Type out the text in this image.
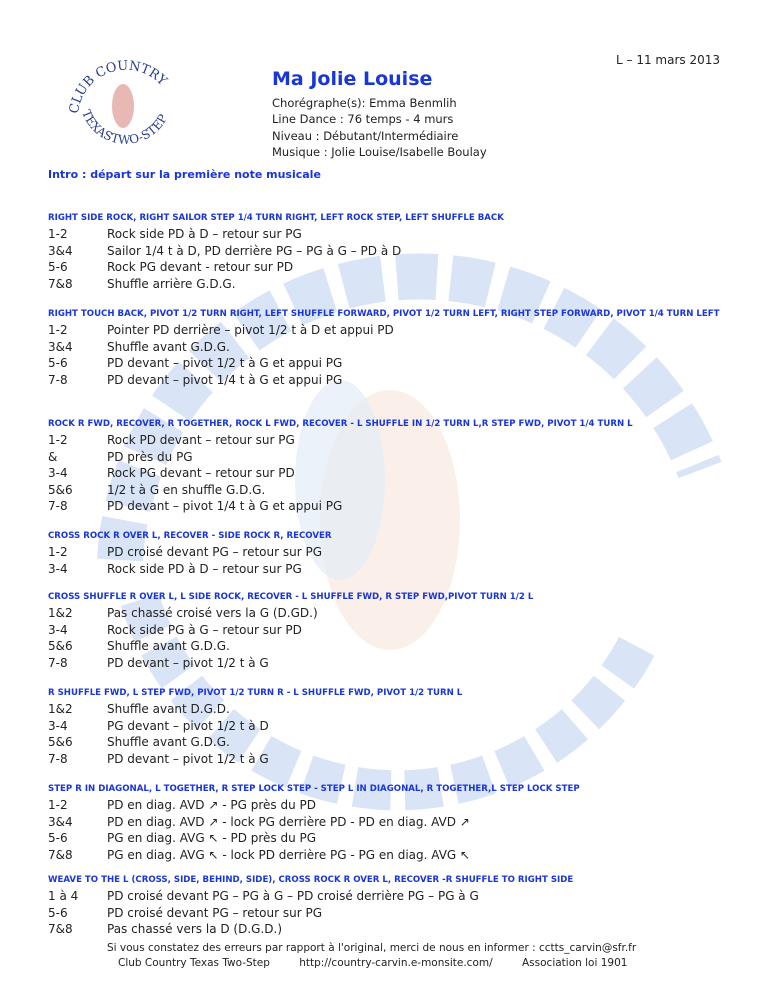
CLUB COUNTRY
TEXASTWO-STEP
L – 11 mars 2013
Ma Jolie Louise
Chorégraphe(s): Emma Benmlih
Line Dance : 76 temps - 4 murs
Niveau : Débutant/Intermédiaire
Musique : Jolie Louise/Isabelle Boulay
Intro : départ sur la première note musicale
RIGHT SIDE ROCK, RIGHT SAILOR STEP 1/4 TURN RIGHT, LEFT ROCK STEP, LEFT SHUFFLE BACK
1-2	Rock side PD à D – retour sur PG
3&4	Sailor 1/4 t à D, PD derrière PG – PG à G – PD à D
5-6	Rock PG devant - retour sur PD
7&8	Shuffle arrière G.D.G.
RIGHT TOUCH BACK, PIVOT 1/2 TURN RIGHT, LEFT SHUFFLE FORWARD, PIVOT 1/2 TURN LEFT, RIGHT STEP FORWARD, PIVOT 1/4 TURN LEFT
1-2	Pointer PD derrière – pivot 1/2 t à D et appui PD
3&4	Shuffle avant G.D.G.
5-6	PD devant – pivot 1/2 t à G et appui PG
7-8	PD devant – pivot 1/4 t à G et appui PG
ROCK R FWD, RECOVER, R TOGETHER, ROCK L FWD, RECOVER - L SHUFFLE IN 1/2 TURN L,R STEP FWD, PIVOT 1/4 TURN L
1-2	Rock PD devant – retour sur PG
&	PD près du PG
3-4	Rock PG devant – retour sur PD
5&6	1/2 t à G en shuffle G.D.G.
7-8	PD devant – pivot 1/4 t à G et appui PG
CROSS ROCK R OVER L, RECOVER - SIDE ROCK R, RECOVER
1-2	PD croisé devant PG – retour sur PG
3-4	Rock side PD à D – retour sur PG
CROSS SHUFFLE R OVER L, L SIDE ROCK, RECOVER - L SHUFFLE FWD, R STEP FWD,PIVOT TURN 1/2 L
1&2	Pas chassé croisé vers la G (D.GD.)
3-4	Rock side PG à G – retour sur PD
5&6	Shuffle avant G.D.G.
7-8	PD devant – pivot 1/2 t à G
R SHUFFLE FWD, L STEP FWD, PIVOT 1/2 TURN R - L SHUFFLE FWD, PIVOT 1/2 TURN L
1&2	Shuffle avant D.G.D.
3-4	PG devant – pivot 1/2 t à D
5&6	Shuffle avant G.D.G.
7-8	PD devant – pivot 1/2 t à G
STEP R IN DIAGONAL, L TOGETHER, R STEP LOCK STEP - STEP L IN DIAGONAL, R TOGETHER,L STEP LOCK STEP
1-2	PD en diag. AVD ↗ - PG près du PD
3&4	PD en diag. AVD ↗ - lock PG derrière PD - PD en diag. AVD ↗
5-6	PG en diag. AVG ↖ - PD près du PG
7&8	PG en diag. AVG ↖ - lock PD derrière PG - PG en diag. AVG ↖
WEAVE TO THE L (CROSS, SIDE, BEHIND, SIDE), CROSS ROCK R OVER L, RECOVER -R SHUFFLE TO RIGHT SIDE
1 à 4	PD croisé devant PG – PG à G – PD croisé derrière PG – PG à G
5-6	PD croisé devant PG – retour sur PG
7&8	Pas chassé vers la D (D.G.D.)
Si vous constatez des erreurs par rapport à l'original, merci de nous en informer : cctts_carvin@sfr.fr
Club Country Texas Two-Step	http://country-carvin.e-monsite.com/	Association loi 1901
